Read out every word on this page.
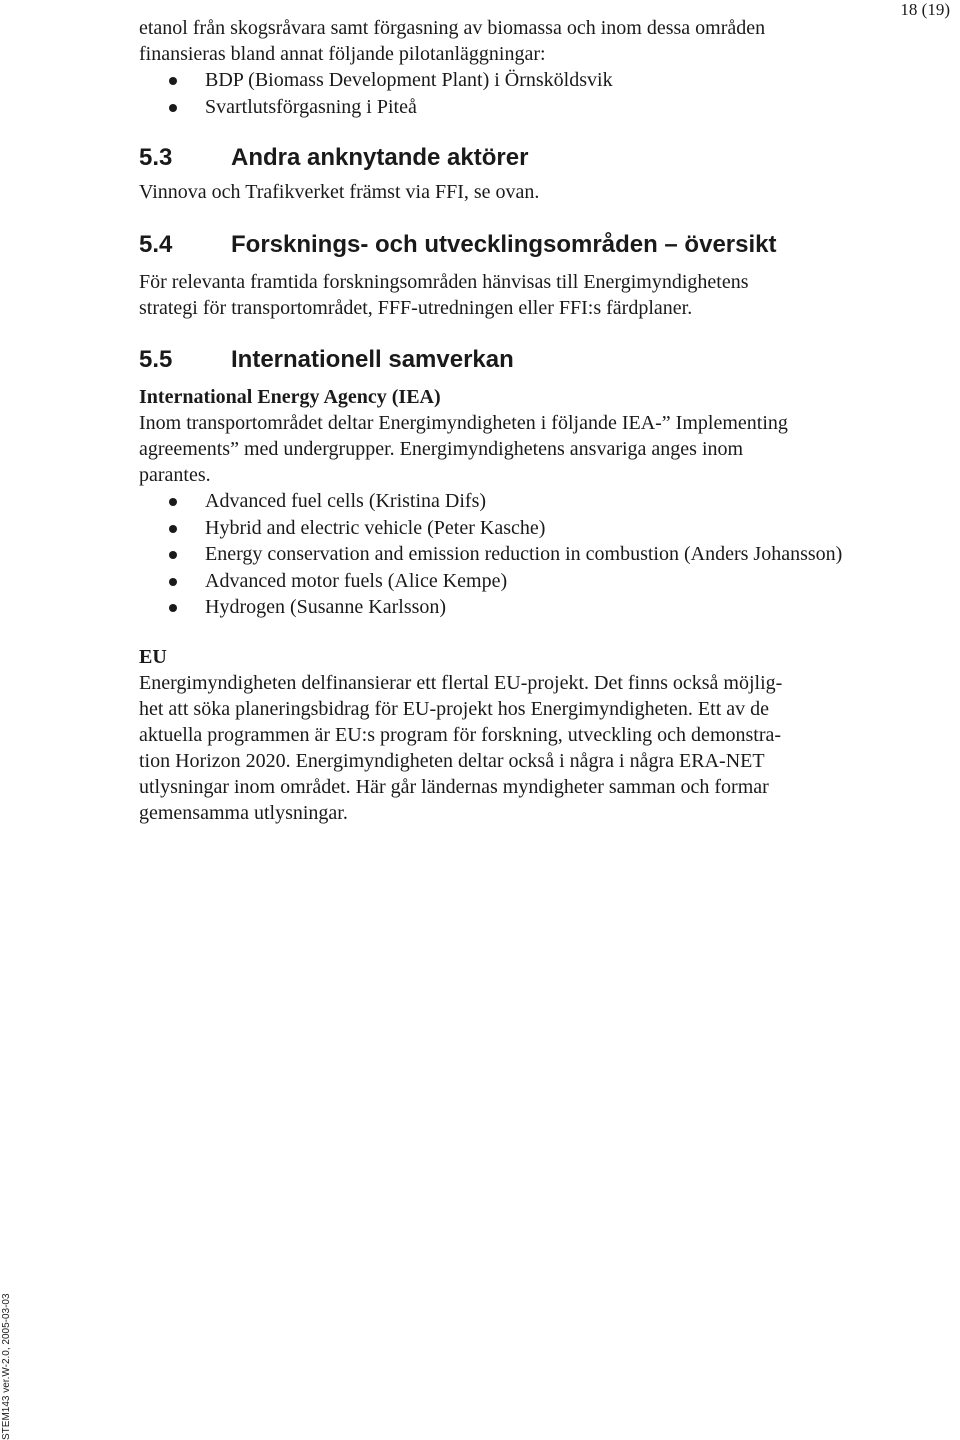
18 (19)

etanol från skogsråvara samt förgasning av biomassa och inom dessa områden
finansieras bland annat följande pilotanläggningar:

BDP (Biomass Development Plant) i Örnsköldsvik
Svartlutsförgasning i Piteå
5.3	Andra anknytande aktörer

Vinnova och Trafikverket främst via FFI, se ovan.

5.4	Forsknings- och utvecklingsområden – översikt

För relevanta framtida forskningsområden hänvisas till Energimyndighetens
strategi för transportområdet, FFF-utredningen eller FFI:s färdplaner.

5.5	Internationell samverkan

International Energy Agency (IEA)

Inom transportområdet deltar Energimyndigheten i följande IEA-” Implementing
agreements” med undergrupper. Energimyndighetens ansvariga anges inom
parantes.

Advanced fuel cells (Kristina Difs)
Hybrid and electric vehicle (Peter Kasche)
Energy conservation and emission reduction in combustion (Anders Johansson)
Advanced motor fuels (Alice Kempe)
Hydrogen (Susanne Karlsson)

EU

Energimyndigheten delfinansierar ett flertal EU-projekt. Det finns också möjlig-
het att söka planeringsbidrag för EU-projekt hos Energimyndigheten. Ett av de
aktuella programmen är EU:s program för forskning, utveckling och demonstra-
tion Horizon 2020. Energimyndigheten deltar också i några i några ERA-NET
utlysningar inom området. Här går ländernas myndigheter samman och formar
gemensamma utlysningar.

STEM143 ver.W-2.0, 2005-03-03
